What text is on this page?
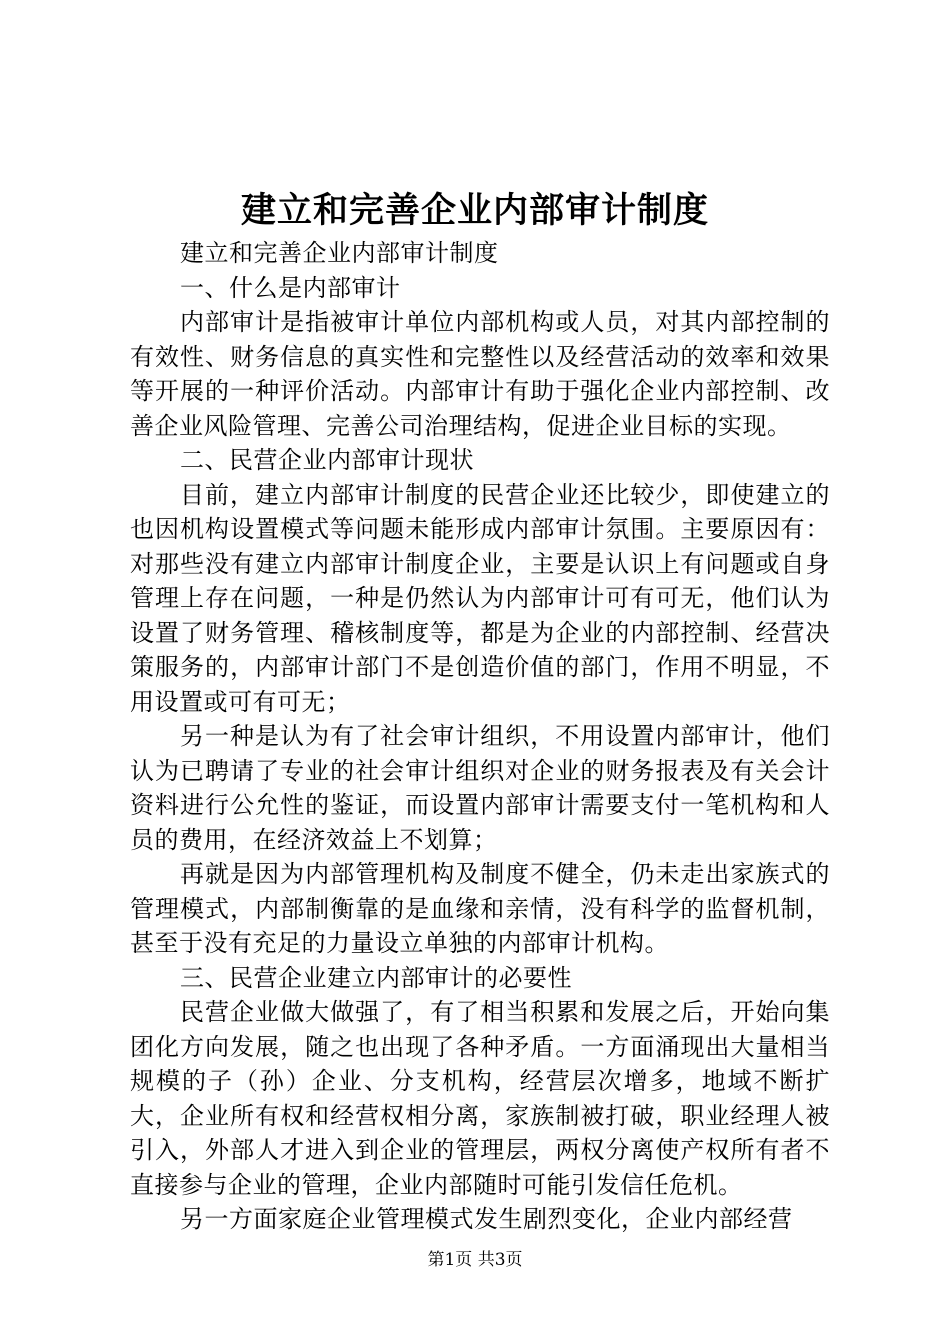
建立和完善企业内部审计制度

建立和完善企业内部审计制度

一、什么是内部审计

内部审计是指被审计单位内部机构或人员，对其内部控制的有效性、财务信息的真实性和完整性以及经营活动的效率和效果等开展的一种评价活动。内部审计有助于强化企业内部控制、改善企业风险管理、完善公司治理结构，促进企业目标的实现。

二、民营企业内部审计现状

目前，建立内部审计制度的民营企业还比较少，即使建立的也因机构设置模式等问题未能形成内部审计氛围。主要原因有：对那些没有建立内部审计制度企业，主要是认识上有问题或自身管理上存在问题，一种是仍然认为内部审计可有可无，他们认为设置了财务管理、稽核制度等，都是为企业的内部控制、经营决策服务的，内部审计部门不是创造价值的部门，作用不明显，不用设置或可有可无；

另一种是认为有了社会审计组织，不用设置内部审计，他们认为已聘请了专业的社会审计组织对企业的财务报表及有关会计资料进行公允性的鉴证，而设置内部审计需要支付一笔机构和人员的费用，在经济效益上不划算；

再就是因为内部管理机构及制度不健全，仍未走出家族式的管理模式，内部制衡靠的是血缘和亲情，没有科学的监督机制，甚至于没有充足的力量设立单独的内部审计机构。

三、民营企业建立内部审计的必要性

民营企业做大做强了，有了相当积累和发展之后，开始向集团化方向发展，随之也出现了各种矛盾。一方面涌现出大量相当规模的子（孙）企业、分支机构，经营层次增多，地域不断扩大，企业所有权和经营权相分离，家族制被打破，职业经理人被引入，外部人才进入到企业的管理层，两权分离使产权所有者不直接参与企业的管理，企业内部随时可能引发信任危机。

另一方面家庭企业管理模式发生剧烈变化，企业内部经营

第1页 共3页
